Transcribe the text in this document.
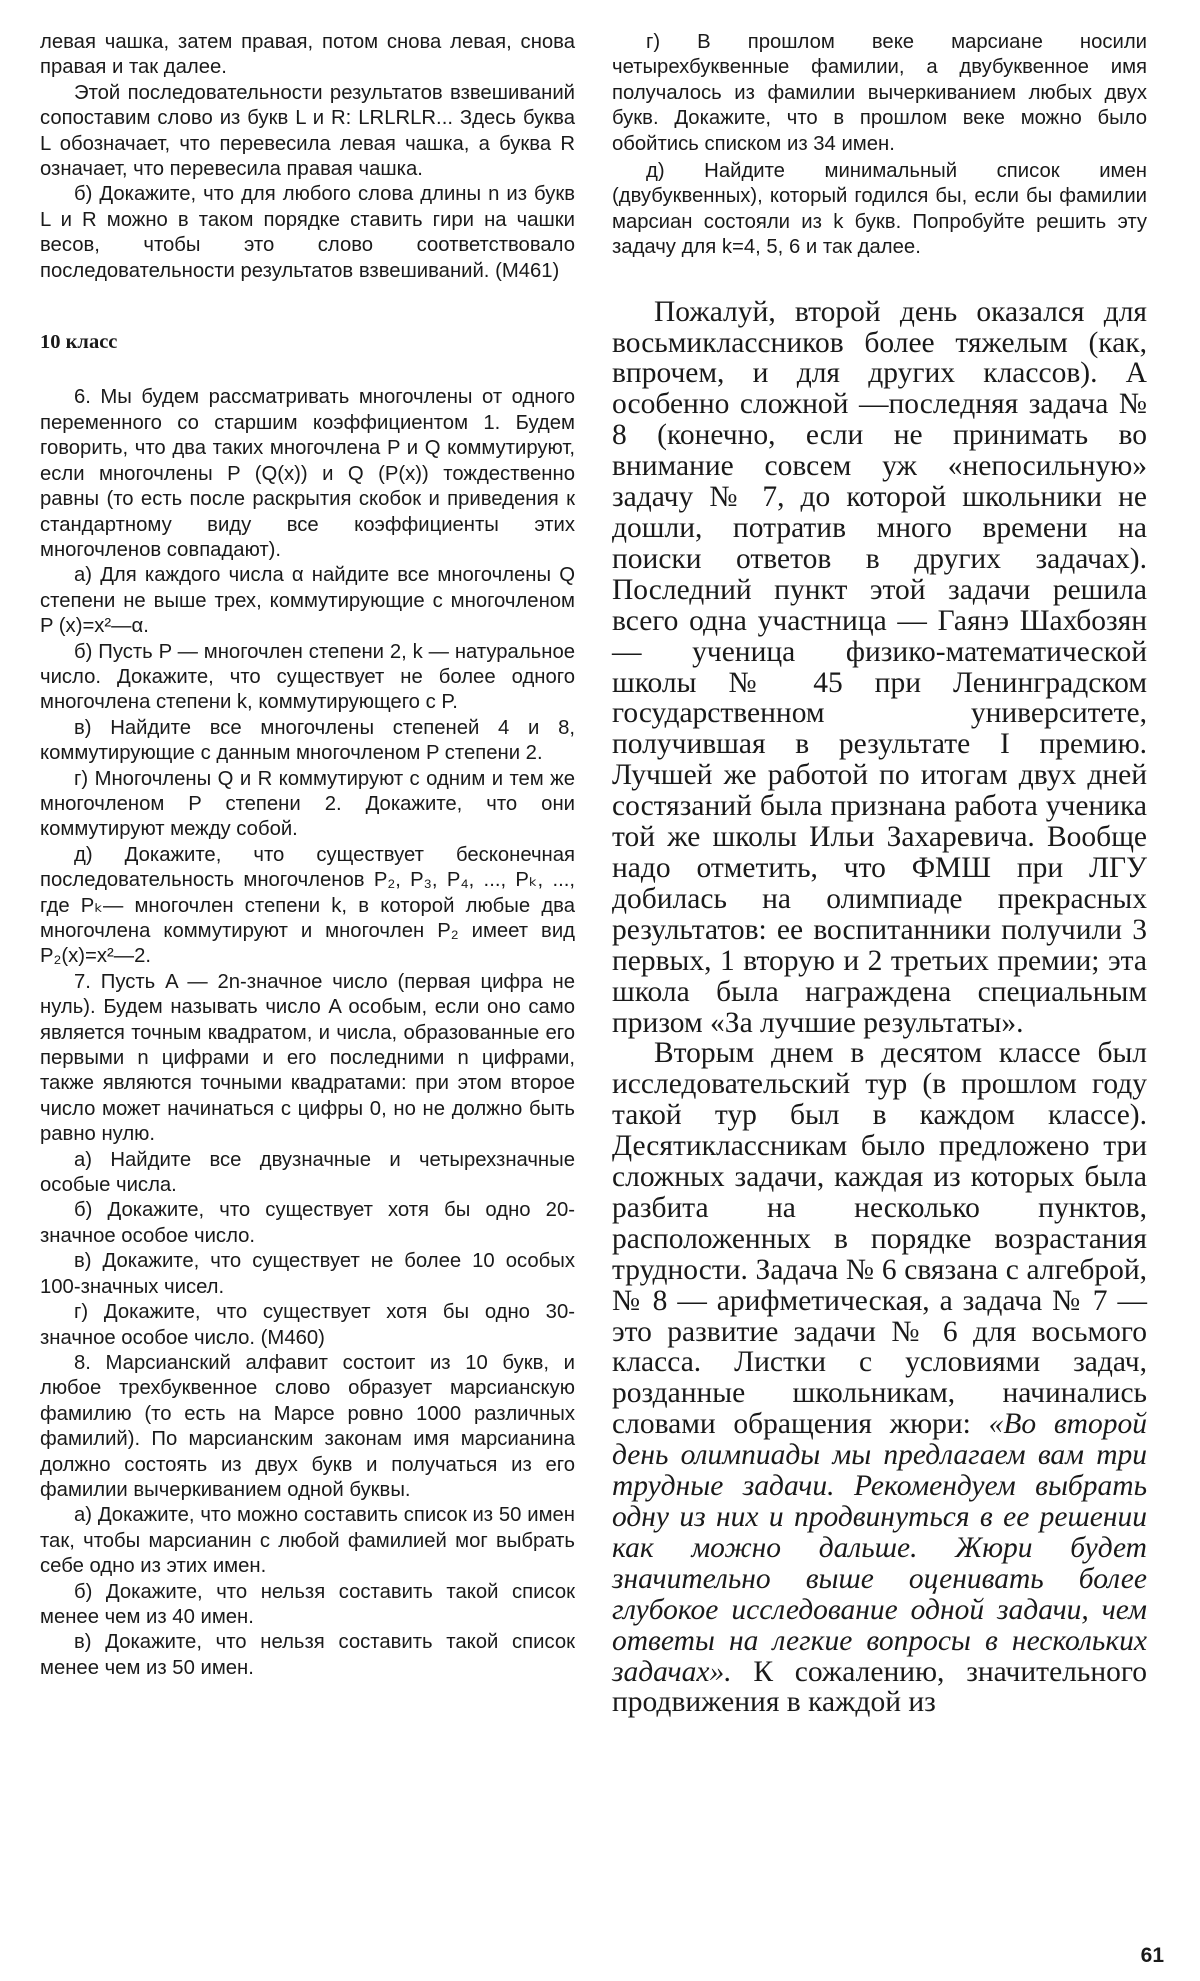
левая чашка, затем правая, потом снова левая, снова правая и так далее.

Этой последовательности результатов взвешиваний сопоставим слово из букв L и R: LRLRLR... Здесь буква L обозначает, что перевесила левая чашка, а буква R означает, что перевесила правая чашка.

б) Докажите, что для любого слова длины n из букв L и R можно в таком порядке ставить гири на чашки весов, чтобы это слово соответствовало последовательности результатов взвешиваний. (М461)

10 класс

6. Мы будем рассматривать многочлены от одного переменного со старшим коэффициентом 1. Будем говорить, что два таких многочлена P и Q коммутируют, если многочлены P (Q(x)) и Q (P(x)) тождественно равны (то есть после раскрытия скобок и приведения к стандартному виду все коэффициенты этих многочленов совпадают).

а) Для каждого числа α найдите все многочлены Q степени не выше трех, коммутирующие с многочленом P (x)=x²—α.

б) Пусть P — многочлен степени 2, k — натуральное число. Докажите, что существует не более одного многочлена степени k, коммутирующего с P.

в) Найдите все многочлены степеней 4 и 8, коммутирующие с данным многочленом P степени 2.

г) Многочлены Q и R коммутируют с одним и тем же многочленом P степени 2. Докажите, что они коммутируют между собой.

д) Докажите, что существует бесконечная последовательность многочленов P₂, P₃, P₄, ..., Pₖ, ..., где Pₖ— многочлен степени k, в которой любые два многочлена коммутируют и многочлен P₂ имеет вид P₂(x)=x²—2.

7. Пусть A — 2n-значное число (первая цифра не нуль). Будем называть число A особым, если оно само является точным квадратом, и числа, образованные его первыми n цифрами и его последними n цифрами, также являются точными квадратами: при этом второе число может начинаться с цифры 0, но не должно быть равно нулю.

а) Найдите все двузначные и четырехзначные особые числа.

б) Докажите, что существует хотя бы одно 20-значное особое число.

в) Докажите, что существует не более 10 особых 100-значных чисел.

г) Докажите, что существует хотя бы одно 30-значное особое число. (М460)

8. Марсианский алфавит состоит из 10 букв, и любое трехбуквенное слово образует марсианскую фамилию (то есть на Марсе ровно 1000 различных фамилий). По марсианским законам имя марсианина должно состоять из двух букв и получаться из его фамилии вычеркиванием одной буквы.

а) Докажите, что можно составить список из 50 имен так, чтобы марсианин с любой фамилией мог выбрать себе одно из этих имен.

б) Докажите, что нельзя составить такой список менее чем из 40 имен.

в) Докажите, что нельзя составить такой список менее чем из 50 имен.

г) В прошлом веке марсиане носили четырехбуквенные фамилии, а двубуквенное имя получалось из фамилии вычеркиванием любых двух букв. Докажите, что в прошлом веке можно было обойтись списком из 34 имен.

д) Найдите минимальный список имен (двубуквенных), который годился бы, если бы фамилии марсиан состояли из k букв. Попробуйте решить эту задачу для k=4, 5, 6 и так далее.

Пожалуй, второй день оказался для восьмиклассников более тяжелым (как, впрочем, и для других классов). А особенно сложной —последняя задача № 8 (конечно, если не принимать во внимание совсем уж «непосильную» задачу № 7, до которой школьники не дошли, потратив много времени на поиски ответов в других задачах). Последний пункт этой задачи решила всего одна участница — Гаянэ Шахбозян — ученица физико-математической школы № 45 при Ленинградском государственном университете, получившая в результате I премию. Лучшей же работой по итогам двух дней состязаний была признана работа ученика той же школы Ильи Захаревича. Вообще надо отметить, что ФМШ при ЛГУ добилась на олимпиаде прекрасных результатов: ее воспитанники получили 3 первых, 1 вторую и 2 третьих премии; эта школа была награждена специальным призом «За лучшие результаты».

Вторым днем в десятом классе был исследовательский тур (в прошлом году такой тур был в каждом классе). Десятиклассникам было предложено три сложных задачи, каждая из которых была разбита на несколько пунктов, расположенных в порядке возрастания трудности. Задача № 6 связана с алгеброй, № 8 — арифметическая, а задача № 7 — это развитие задачи № 6 для восьмого класса. Листки с условиями задач, розданные школьникам, начинались словами обращения жюри: «Во второй день олимпиады мы предлагаем вам три трудные задачи. Рекомендуем выбрать одну из них и продвинуться в ее решении как можно дальше. Жюри будет значительно выше оценивать более глубокое исследование одной задачи, чем ответы на легкие вопросы в нескольких задачах». К сожалению, значительного продвижения в каждой из

61
